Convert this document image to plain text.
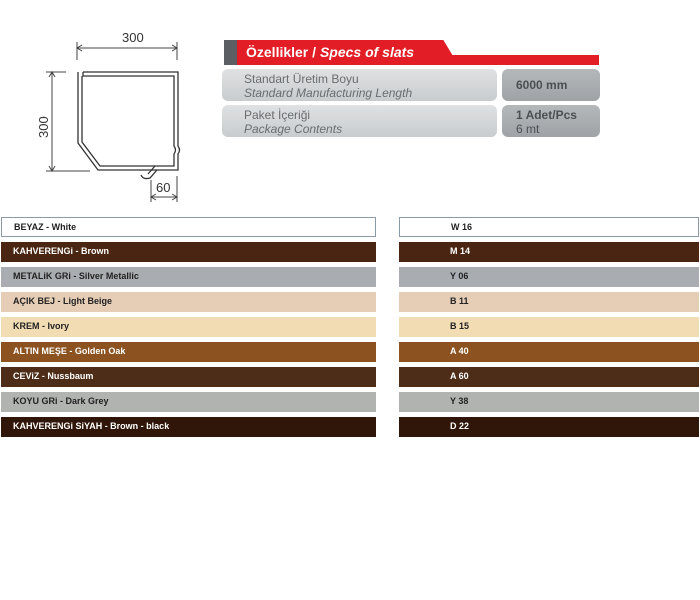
300
300
60
Özellikler / Specs of slats
Standart Üretim Boyu
Standard Manufacturing Length
6000 mm
Paket İçeriği
Package Contents
1 Adet/Pcs
6 mt
BEYAZ - White	W 16
KAHVERENGi - Brown	M 14
METALiK GRi - Silver Metallic	Y 06
AÇIK BEJ - Light Beige	B 11
KREM - Ivory	B 15
ALTIN MEŞE - Golden Oak	A 40
CEViZ - Nussbaum	A 60
KOYU GRi - Dark Grey	Y 38
KAHVERENGi SiYAH - Brown - black	D 22
